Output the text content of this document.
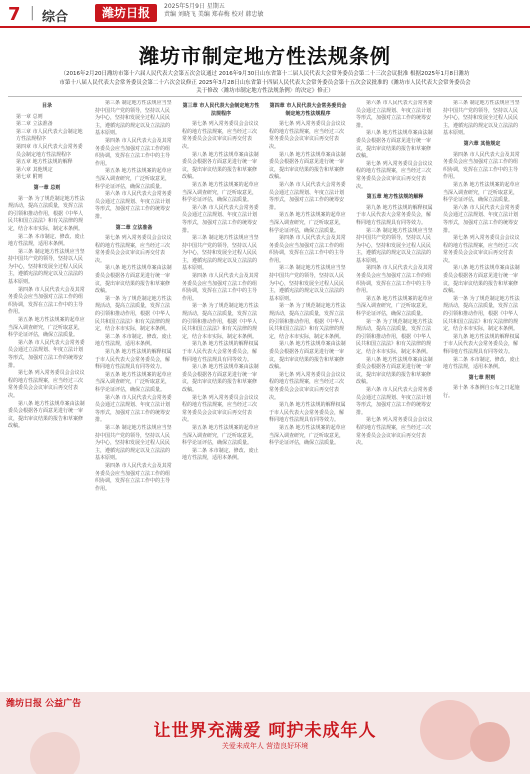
7 | 综合	潍坊日报	2025年5月9日 星期五
责编 刘晓飞 美编 郑春梅 校对 韩忠敏
潍坊市制定地方性法规条例
（2016年2月20日潍坊市第十六届人民代表大会第五次会议通过 2016年9月30日山东省第十二届人民代表大会常务委员会第二十三次会议批准 根据2025年1月8日潍坊市第十八届人民代表大会常务委员会第二十六次会议修正 2025年3月28日山东省第十四届人民代表大会常务委员会第十五次会议批准的《潍坊市人民代表大会常务委员会关于修改〈潍坊市制定地方性法规条例〉的决定》修正）

目录

第一章 总则

第二章 立法准备

第三章 市人民代表大会制定地方性法规程序

第四章 市人民代表大会常务委员会制定地方性法规程序

第五章 地方性法规的解释

第六章 其他规定

第七章 附则

第一章 总则

第一条 为了规范制定地方性法规活动，提高立法质量，发挥立法的引领和推动作用，根据《中华人民共和国立法法》和有关法律的规定，结合本市实际，制定本条例。

第二条 本市制定、修改、废止地方性法规，适用本条例。

第三条 制定地方性法规应当坚持中国共产党的领导，坚持以人民为中心，坚持和发展全过程人民民主，遵循宪法的规定以及立法法的基本原则。

第四条 市人民代表大会及其常务委员会应当加强对立法工作的组织协调，发挥在立法工作中的主导作用。

第五条 地方性法规案的起草应当深入调查研究，广泛听取意见，科学论证评估，确保立法质量。

第六条 市人民代表大会常务委员会通过立法规划、年度立法计划等形式，加强对立法工作的统筹安排。

第七条 列入常务委员会会议议程的地方性法规案，应当经过三次常务委员会会议审议后再交付表决。

第八条 地方性法规草案由法制委员会根据各方面意见进行统一审议，提出审议结果的报告和草案修改稿。

第三条 制定地方性法规应当坚持中国共产党的领导，坚持以人民为中心，坚持和发展全过程人民民主，遵循宪法的规定以及立法法的基本原则。

第四条 市人民代表大会及其常务委员会应当加强对立法工作的组织协调，发挥在立法工作中的主导作用。

第五条 地方性法规案的起草应当深入调查研究，广泛听取意见，科学论证评估，确保立法质量。

第六条 市人民代表大会常务委员会通过立法规划、年度立法计划等形式，加强对立法工作的统筹安排。

第二章 立法准备

第七条 列入常务委员会会议议程的地方性法规案，应当经过三次常务委员会会议审议后再交付表决。

第八条 地方性法规草案由法制委员会根据各方面意见进行统一审议，提出审议结果的报告和草案修改稿。

第一条 为了规范制定地方性法规活动，提高立法质量，发挥立法的引领和推动作用，根据《中华人民共和国立法法》和有关法律的规定，结合本市实际，制定本条例。

第二条 本市制定、修改、废止地方性法规，适用本条例。

第九条 地方性法规的解释权属于市人民代表大会常务委员会，解释同地方性法规具有同等效力。

第五条 地方性法规案的起草应当深入调查研究，广泛听取意见，科学论证评估，确保立法质量。

第六条 市人民代表大会常务委员会通过立法规划、年度立法计划等形式，加强对立法工作的统筹安排。

第三条 制定地方性法规应当坚持中国共产党的领导，坚持以人民为中心，坚持和发展全过程人民民主，遵循宪法的规定以及立法法的基本原则。

第四条 市人民代表大会及其常务委员会应当加强对立法工作的组织协调，发挥在立法工作中的主导作用。

第三章 市人民代表大会制定地方性法规程序

第七条 列入常务委员会会议议程的地方性法规案，应当经过三次常务委员会会议审议后再交付表决。

第八条 地方性法规草案由法制委员会根据各方面意见进行统一审议，提出审议结果的报告和草案修改稿。

第五条 地方性法规案的起草应当深入调查研究，广泛听取意见，科学论证评估，确保立法质量。

第六条 市人民代表大会常务委员会通过立法规划、年度立法计划等形式，加强对立法工作的统筹安排。

第三条 制定地方性法规应当坚持中国共产党的领导，坚持以人民为中心，坚持和发展全过程人民民主，遵循宪法的规定以及立法法的基本原则。

第四条 市人民代表大会及其常务委员会应当加强对立法工作的组织协调，发挥在立法工作中的主导作用。

第一条 为了规范制定地方性法规活动，提高立法质量，发挥立法的引领和推动作用，根据《中华人民共和国立法法》和有关法律的规定，结合本市实际，制定本条例。

第九条 地方性法规的解释权属于市人民代表大会常务委员会，解释同地方性法规具有同等效力。

第八条 地方性法规草案由法制委员会根据各方面意见进行统一审议，提出审议结果的报告和草案修改稿。

第七条 列入常务委员会会议议程的地方性法规案，应当经过三次常务委员会会议审议后再交付表决。

第五条 地方性法规案的起草应当深入调查研究，广泛听取意见，科学论证评估，确保立法质量。

第二条 本市制定、修改、废止地方性法规，适用本条例。

第四章 市人民代表大会常务委员会制定地方性法规程序

第七条 列入常务委员会会议议程的地方性法规案，应当经过三次常务委员会会议审议后再交付表决。

第八条 地方性法规草案由法制委员会根据各方面意见进行统一审议，提出审议结果的报告和草案修改稿。

第六条 市人民代表大会常务委员会通过立法规划、年度立法计划等形式，加强对立法工作的统筹安排。

第五条 地方性法规案的起草应当深入调查研究，广泛听取意见，科学论证评估，确保立法质量。

第四条 市人民代表大会及其常务委员会应当加强对立法工作的组织协调，发挥在立法工作中的主导作用。

第三条 制定地方性法规应当坚持中国共产党的领导，坚持以人民为中心，坚持和发展全过程人民民主，遵循宪法的规定以及立法法的基本原则。

第一条 为了规范制定地方性法规活动，提高立法质量，发挥立法的引领和推动作用，根据《中华人民共和国立法法》和有关法律的规定，结合本市实际，制定本条例。

第八条 地方性法规草案由法制委员会根据各方面意见进行统一审议，提出审议结果的报告和草案修改稿。

第七条 列入常务委员会会议议程的地方性法规案，应当经过三次常务委员会会议审议后再交付表决。

第九条 地方性法规的解释权属于市人民代表大会常务委员会，解释同地方性法规具有同等效力。

第五条 地方性法规案的起草应当深入调查研究，广泛听取意见，科学论证评估，确保立法质量。

第六条 市人民代表大会常务委员会通过立法规划、年度立法计划等形式，加强对立法工作的统筹安排。

第八条 地方性法规草案由法制委员会根据各方面意见进行统一审议，提出审议结果的报告和草案修改稿。

第七条 列入常务委员会会议议程的地方性法规案，应当经过三次常务委员会会议审议后再交付表决。

第五章 地方性法规的解释

第九条 地方性法规的解释权属于市人民代表大会常务委员会，解释同地方性法规具有同等效力。

第三条 制定地方性法规应当坚持中国共产党的领导，坚持以人民为中心，坚持和发展全过程人民民主，遵循宪法的规定以及立法法的基本原则。

第四条 市人民代表大会及其常务委员会应当加强对立法工作的组织协调，发挥在立法工作中的主导作用。

第五条 地方性法规案的起草应当深入调查研究，广泛听取意见，科学论证评估，确保立法质量。

第一条 为了规范制定地方性法规活动，提高立法质量，发挥立法的引领和推动作用，根据《中华人民共和国立法法》和有关法律的规定，结合本市实际，制定本条例。

第八条 地方性法规草案由法制委员会根据各方面意见进行统一审议，提出审议结果的报告和草案修改稿。

第六条 市人民代表大会常务委员会通过立法规划、年度立法计划等形式，加强对立法工作的统筹安排。

第七条 列入常务委员会会议议程的地方性法规案，应当经过三次常务委员会会议审议后再交付表决。

第三条 制定地方性法规应当坚持中国共产党的领导，坚持以人民为中心，坚持和发展全过程人民民主，遵循宪法的规定以及立法法的基本原则。

第六章 其他规定

第四条 市人民代表大会及其常务委员会应当加强对立法工作的组织协调，发挥在立法工作中的主导作用。

第五条 地方性法规案的起草应当深入调查研究，广泛听取意见，科学论证评估，确保立法质量。

第六条 市人民代表大会常务委员会通过立法规划、年度立法计划等形式，加强对立法工作的统筹安排。

第七条 列入常务委员会会议议程的地方性法规案，应当经过三次常务委员会会议审议后再交付表决。

第八条 地方性法规草案由法制委员会根据各方面意见进行统一审议，提出审议结果的报告和草案修改稿。

第一条 为了规范制定地方性法规活动，提高立法质量，发挥立法的引领和推动作用，根据《中华人民共和国立法法》和有关法律的规定，结合本市实际，制定本条例。

第九条 地方性法规的解释权属于市人民代表大会常务委员会，解释同地方性法规具有同等效力。

第二条 本市制定、修改、废止地方性法规，适用本条例。

第七章 附则

第十条 本条例自公布之日起施行。

潍坊日报 公益广告
让世界充满爱 呵护未成年人
关爱未成年人 营造良好环境
